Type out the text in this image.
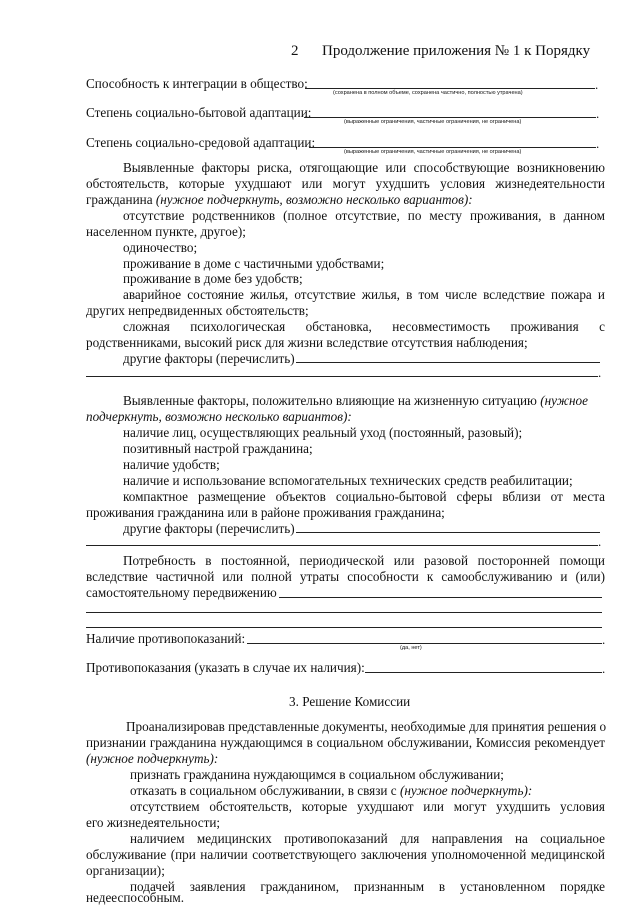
2 Продолжение приложения № 1 к Порядку
Способность к интеграции в общество:	.
(сохранена в полном объеме, сохранена частично, полностью утрачена)
Степень социально-бытовой адаптации:	.
(выраженные ограничения, частичные ограничения, не ограничена)
Степень социально-средовой адаптации:	.
(выраженные ограничения, частичные ограничения, не ограничена)
Выявленные факторы риска, отягощающие или способствующие возникновению
обстоятельств, которые ухудшают или могут ухудшить условия жизнедеятельности
гражданина (нужное подчеркнуть, возможно несколько вариантов):
отсутствие родственников (полное отсутствие, по месту проживания, в данном
населенном пункте, другое);
одиночество;
проживание в доме с частичными удобствами;
проживание в доме без удобств;
аварийное состояние жилья, отсутствие жилья, в том числе вследствие пожара и
других непредвиденных обстоятельств;
сложная психологическая обстановка, несовместимость проживания с
родственниками, высокий риск для жизни вследствие отсутствия наблюдения;
другие факторы (перечислить)
.
Выявленные факторы, положительно влияющие на жизненную ситуацию (нужное
подчеркнуть, возможно несколько вариантов):
наличие лиц, осуществляющих реальный уход (постоянный, разовый);
позитивный настрой гражданина;
наличие удобств;
наличие и использование вспомогательных технических средств реабилитации;
компактное размещение объектов социально-бытовой сферы вблизи от места
проживания гражданина или в районе проживания гражданина;
другие факторы (перечислить)
.
Потребность в постоянной, периодической или разовой посторонней помощи
вследствие частичной или полной утраты способности к самообслуживанию и (или)
самостоятельному передвижению
Наличие противопоказаний:	.
(да, нет)
Противопоказания (указать в случае их наличия):	.
3. Решение Комиссии
Проанализировав представленные документы, необходимые для принятия решения о
признании гражданина нуждающимся в социальном обслуживании, Комиссия рекомендует
(нужное подчеркнуть):
признать гражданина нуждающимся в социальном обслуживании;
отказать в социальном обслуживании, в связи с (нужное подчеркнуть):
отсутствием обстоятельств, которые ухудшают или могут ухудшить условия
его жизнедеятельности;
наличием медицинских противопоказаний для направления на социальное
обслуживание (при наличии соответствующего заключения уполномоченной медицинской
организации);
подачей заявления гражданином, признанным в установленном порядке
недееспособным.
